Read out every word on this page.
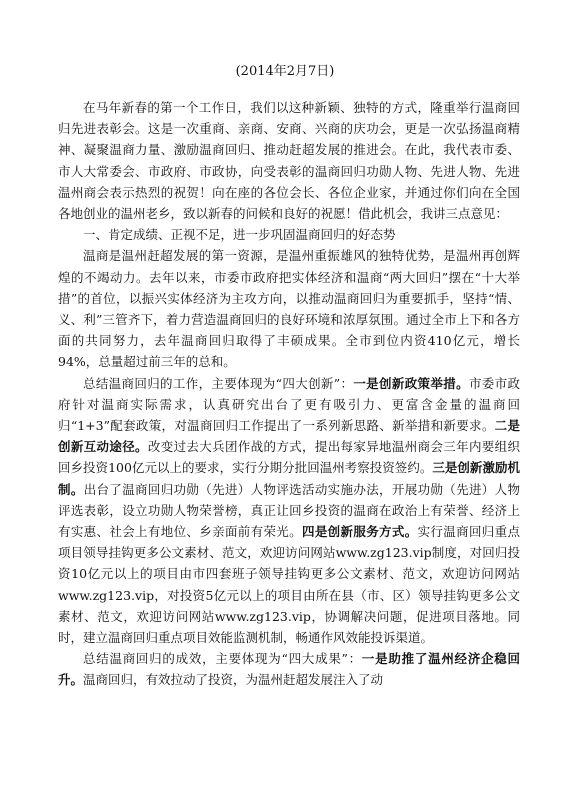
(2014年2月7日)

在马年新春的第一个工作日，我们以这种新颖、独特的方式，隆重举行温商回归先进表彰会。这是一次重商、亲商、安商、兴商的庆功会，更是一次弘扬温商精神、凝聚温商力量、激励温商回归、推动赶超发展的推进会。在此，我代表市委、市人大常委会、市政府、市政协，向受表彰的温商回归功勋人物、先进人物、先进温州商会表示热烈的祝贺！向在座的各位会长、各位企业家，并通过你们向在全国各地创业的温州老乡，致以新春的问候和良好的祝愿！借此机会，我讲三点意见：

一、肯定成绩、正视不足，进一步巩固温商回归的好态势

温商是温州赶超发展的第一资源，是温州重振雄风的独特优势，是温州再创辉煌的不竭动力。去年以来，市委市政府把实体经济和温商“两大回归”摆在“十大举措”的首位，以振兴实体经济为主攻方向，以推动温商回归为重要抓手，坚持“情、义、利”三管齐下，着力营造温商回归的良好环境和浓厚氛围。通过全市上下和各方面的共同努力，去年温商回归取得了丰硕成果。全市到位内资410亿元，增长94%，总量超过前三年的总和。

总结温商回归的工作，主要体现为“四大创新”：一是创新政策举措。市委市政府针对温商实际需求，认真研究出台了更有吸引力、更富含金量的温商回归“1+3”配套政策，对温商回归工作提出了一系列新思路、新举措和新要求。二是创新互动途径。改变过去大兵团作战的方式，提出每家异地温州商会三年内要组织回乡投资100亿元以上的要求，实行分期分批回温州考察投资签约。三是创新激励机制。出台了温商回归功勋（先进）人物评选活动实施办法，开展功勋（先进）人物评选表彰，设立功勋人物荣誉榜，真正让回乡投资的温商在政治上有荣誉、经济上有实惠、社会上有地位、乡亲面前有荣光。四是创新服务方式。实行温商回归重点项目领导挂钩更多公文素材、范文，欢迎访问网站www.zg123.vip制度，对回归投资10亿元以上的项目由市四套班子领导挂钩更多公文素材、范文，欢迎访问网站www.zg123.vip，对投资5亿元以上的项目由所在县（市、区）领导挂钩更多公文素材、范文，欢迎访问网站www.zg123.vip，协调解决问题，促进项目落地。同时，建立温商回归重点项目效能监测机制，畅通作风效能投诉渠道。

总结温商回归的成效，主要体现为“四大成果”：一是助推了温州经济企稳回升。温商回归，有效拉动了投资，为温州赶超发展注入了动
